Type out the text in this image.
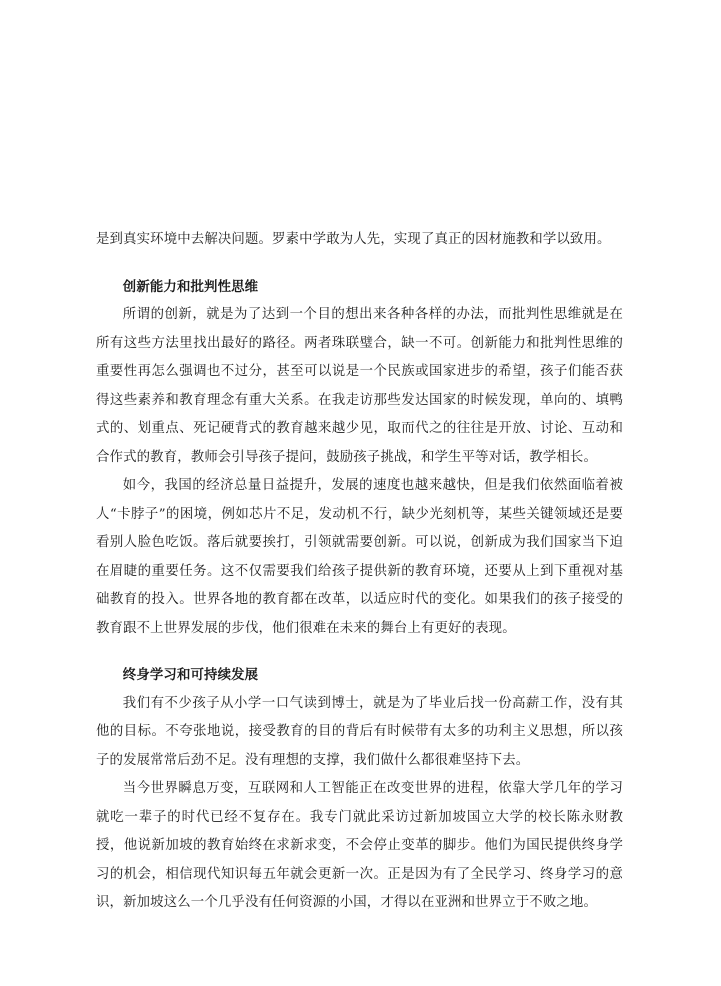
是到真实环境中去解决问题。罗素中学敢为人先，实现了真正的因材施教和学以致用。

创新能力和批判性思维

所谓的创新，就是为了达到一个目的想出来各种各样的办法，而批判性思维就是在所有这些方法里找出最好的路径。两者珠联璧合，缺一不可。创新能力和批判性思维的重要性再怎么强调也不过分，甚至可以说是一个民族或国家进步的希望，孩子们能否获得这些素养和教育理念有重大关系。在我走访那些发达国家的时候发现，单向的、填鸭式的、划重点、死记硬背式的教育越来越少见，取而代之的往往是开放、讨论、互动和合作式的教育，教师会引导孩子提问，鼓励孩子挑战，和学生平等对话，教学相长。

如今，我国的经济总量日益提升，发展的速度也越来越快，但是我们依然面临着被人“卡脖子”的困境，例如芯片不足，发动机不行，缺少光刻机等，某些关键领域还是要看别人脸色吃饭。落后就要挨打，引领就需要创新。可以说，创新成为我们国家当下迫在眉睫的重要任务。这不仅需要我们给孩子提供新的教育环境，还要从上到下重视对基础教育的投入。世界各地的教育都在改革，以适应时代的变化。如果我们的孩子接受的教育跟不上世界发展的步伐，他们很难在未来的舞台上有更好的表现。

终身学习和可持续发展

我们有不少孩子从小学一口气读到博士，就是为了毕业后找一份高薪工作，没有其他的目标。不夸张地说，接受教育的目的背后有时候带有太多的功利主义思想，所以孩子的发展常常后劲不足。没有理想的支撑，我们做什么都很难坚持下去。

当今世界瞬息万变，互联网和人工智能正在改变世界的进程，依靠大学几年的学习就吃一辈子的时代已经不复存在。我专门就此采访过新加坡国立大学的校长陈永财教授，他说新加坡的教育始终在求新求变，不会停止变革的脚步。他们为国民提供终身学习的机会，相信现代知识每五年就会更新一次。正是因为有了全民学习、终身学习的意识，新加坡这么一个几乎没有任何资源的小国，才得以在亚洲和世界立于不败之地。
